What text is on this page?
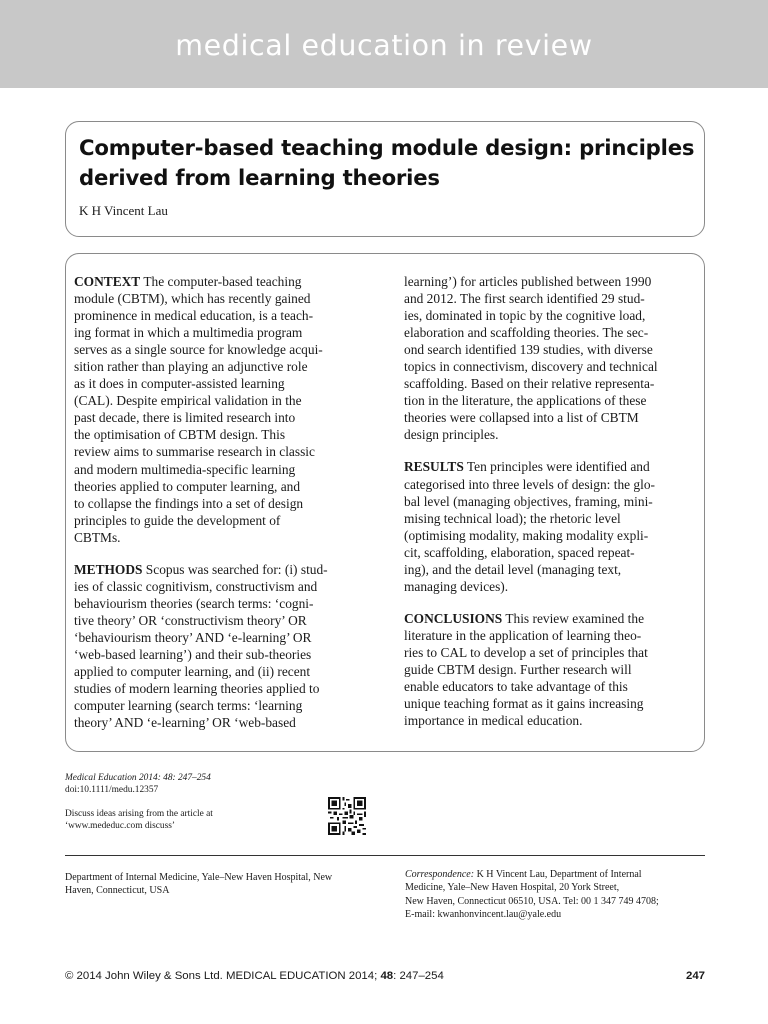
medical education in review
Computer-based teaching module design: principles
derived from learning theories
K H Vincent Lau
CONTEXT The computer-based teaching
module (CBTM), which has recently gained
prominence in medical education, is a teach-
ing format in which a multimedia program
serves as a single source for knowledge acqui-
sition rather than playing an adjunctive role
as it does in computer-assisted learning
(CAL). Despite empirical validation in the
past decade, there is limited research into
the optimisation of CBTM design. This
review aims to summarise research in classic
and modern multimedia-specific learning
theories applied to computer learning, and
to collapse the findings into a set of design
principles to guide the development of
CBTMs.
METHODS Scopus was searched for: (i) stud-
ies of classic cognitivism, constructivism and
behaviourism theories (search terms: ‘cogni-
tive theory’ OR ‘constructivism theory’ OR
‘behaviourism theory’ AND ‘e-learning’ OR
‘web-based learning’) and their sub-theories
applied to computer learning, and (ii) recent
studies of modern learning theories applied to
computer learning (search terms: ‘learning
theory’ AND ‘e-learning’ OR ‘web-based
learning’) for articles published between 1990
and 2012. The first search identified 29 stud-
ies, dominated in topic by the cognitive load,
elaboration and scaffolding theories. The sec-
ond search identified 139 studies, with diverse
topics in connectivism, discovery and technical
scaffolding. Based on their relative representa-
tion in the literature, the applications of these
theories were collapsed into a list of CBTM
design principles.
RESULTS Ten principles were identified and
categorised into three levels of design: the glo-
bal level (managing objectives, framing, mini-
mising technical load); the rhetoric level
(optimising modality, making modality expli-
cit, scaffolding, elaboration, spaced repeat-
ing), and the detail level (managing text,
managing devices).
CONCLUSIONS This review examined the
literature in the application of learning theo-
ries to CAL to develop a set of principles that
guide CBTM design. Further research will
enable educators to take advantage of this
unique teaching format as it gains increasing
importance in medical education.
Medical Education 2014: 48: 247–254
doi:10.1111/medu.12357
Discuss ideas arising from the article at
‘www.mededuc.com discuss’
Department of Internal Medicine, Yale–New Haven Hospital, New
Haven, Connecticut, USA
Correspondence: K H Vincent Lau, Department of Internal
Medicine, Yale–New Haven Hospital, 20 York Street,
New Haven, Connecticut 06510, USA. Tel: 00 1 347 749 4708;
E-mail: kwanhonvincent.lau@yale.edu
© 2014 John Wiley & Sons Ltd. MEDICAL EDUCATION 2014; 48: 247–254	247
